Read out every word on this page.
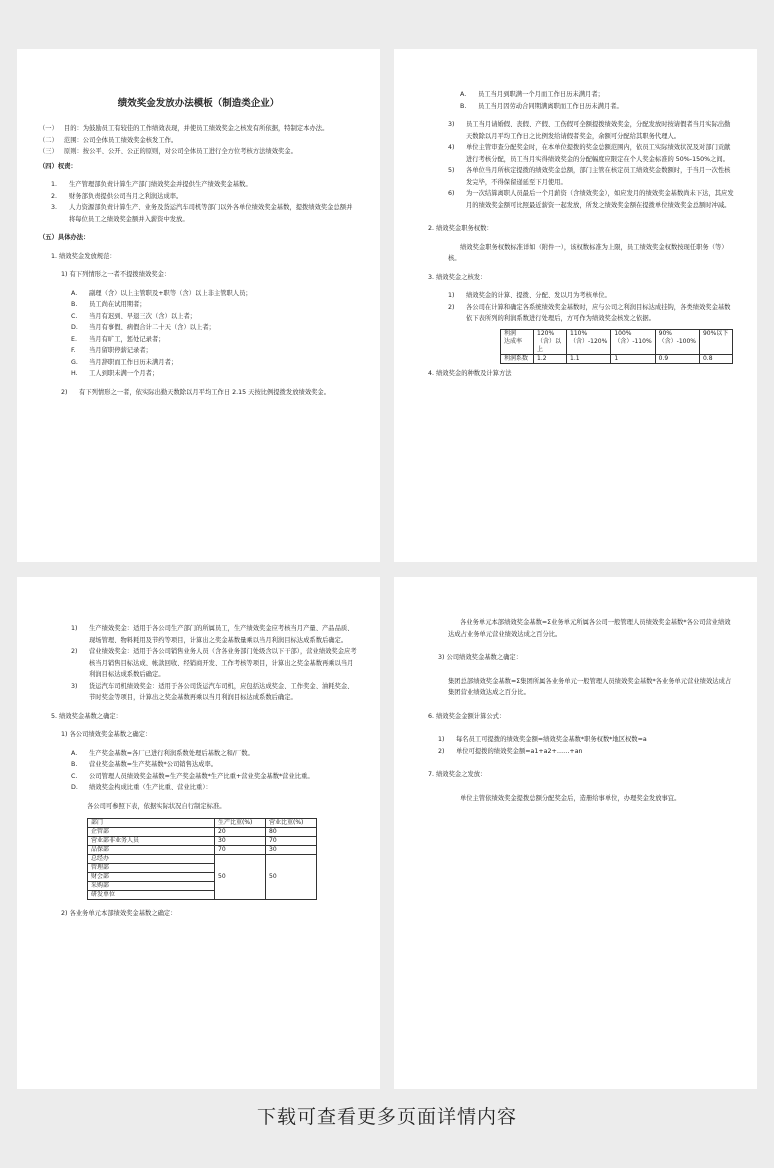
绩效奖金发放办法模板（制造类企业）
（一） 目的：为鼓励员工有较佳的工作绩效表现，并使员工绩效奖金之核发有所依据，特制定本办法。
（二） 范围：公司全体员工绩效奖金核发工作。
（三） 原则：按公平、公开、公正的原则，对公司全体员工进行全方位考核方法绩效奖金。
（四）权责：
1.	生产管理部负责计算生产部门绩效奖金并提供生产绩效奖金基数。
2.	财务部负责提供公司当月之利润达成率。
3.	人力资源部负责计算生产、业务及货运汽车司机等部门以外各单位绩效奖金基数，提拨绩效奖金总额并将每位员工之绩效奖金额并入薪资中发放。
（五）具体办法：
1. 绩效奖金发放规范：
1) 有下列情形之一者不提拨绩效奖金：
A.	副理（含）以上主管职及+职等（含）以上非主管职人员；
B.	员工尚在试用期者；
C.	当月有迟到、早退三次（含）以上者；
D.	当月有事假、病假合计二十天（含）以上者；
E.	当月有旷工，惩处记录者；
F.	当月留职停薪记录者；
G.	当月辞职而工作日历未满月者；
H.	工人到职未满一个月者；
2)	有下列情形之一者，依实际出勤天数除以月平均工作日 2.15 天按比例提拨发放绩效奖金。
A.	员工当月到职满一个月而工作日历未满月者；
B.	员工当月因劳动合同期满离职而工作日历未满月者。
3)	员工当月请婚假、丧假、产假、工伤假可全额提拨绩效奖金，分配发放时按请假者当月实际出勤天数除以月平均工作日之比例发给请假者奖金，余额可分配给其职务代理人。
4)	单位主管审查分配奖金时，在本单位提拨的奖金总额范围内，依员工实际绩效状况及对部门贡献进行考核分配，员工当月实得绩效奖金的分配幅度应限定在个人奖金标准的 50%-150%之间。
5)	各单位当月所核定提拨的绩效奖金总额，部门主管在核定员工绩效奖金数额时，于当月一次性核发完毕，不得保留递延至下月使用。
6)	为一次结算离职人员最后一个月薪资（含绩效奖金），如应发月的绩效奖金基数尚未下达，其应发月的绩效奖金额可比照最近薪资一起发放，所发之绩效奖金额在提拨单位绩效奖金总额时冲减。
2. 绩效奖金职务权数：
绩效奖金职务权数标准详如（附件一），该权数标准为上限，员工绩效奖金权数按现任职务（等）核。
3. 绩效奖金之核发：
1)	绩效奖金的计算、提拨、分配、发以月为考核单位。
2)	各公司在计算和确定各系统绩效奖金基数时，应与公司之利润目标达成挂钩，各类绩效奖金基数依下表所列的利润系数进行处理后，方可作为绩效奖金核发之依据。
利润
达成率	120%（含）以上	110%（含）-120%	100%（含）-110%	90%（含）-100%	90%以下
利润系数	1.2	1.1	1	0.9	0.8
4. 绩效奖金的种数及计算方法
1)	生产绩效奖金：适用于各公司生产部门的所属员工，生产绩效奖金应考核当月产量、产品品质、现场管理、物料耗用及节约等项目，计算出之奖金基数量乘以当月利润目标达成系数后确定。
2)	营业绩效奖金：适用于各公司销售业务人员（含各业务部门处级含以下干部），营业绩效奖金应考核当月销售目标达成、帐款回收、经销商开发、工作考核等项目，计算出之奖金基数再乘以当月利润目标达成系数后确定。
3)	货运汽车司机绩效奖金：适用于各公司货运汽车司机，应包括达成奖金、工作奖金、油耗奖金、节时奖金等项目，计算出之奖金基数再乘以当月利润目标达成系数后确定。
5. 绩效奖金基数之确定：
1) 各公司绩效奖金基数之确定：
A.	生产奖金基数=各厂已进行利润系数处理后基数之和/厂数。
B.	营业奖金基数=生产奖基数*公司销售达成率。
C.	公司管理人员绩效奖金基数=生产奖金基数*生产比重+营业奖金基数*营业比重。
D.	绩效奖金构成比重（生产比重、营业比重）：
各公司可参照下表，依据实际状况自行制定标准。
部门	生产比重(%)	营业比重(%)
企管部	20	80
营业部非业务人员	30	70
品保部	70	30
总经办	50	50
管理部		
财会部		
采购部		
研发单位		
2) 各业务单元本部绩效奖金基数之确定：
各业务单元本部绩效奖金基数=Σ业务单元所属各公司一般管理人员绩效奖金基数*各公司营业绩效达成占业务单元营业绩效达成之百分比。
3) 公司绩效奖金基数之确定：
集团总部绩效奖金基数=Σ集团所属各业务单元一般管理人员绩效奖金基数*各业务单元营业绩效达成占集团营业绩效达成之百分比。
6. 绩效奖金金额计算公式：
1)	每名员工可提拨的绩效奖金额=绩效奖金基数*职务权数*地区权数=a
2)	单位可提拨的绩效奖金额=a1+a2+……+an
7. 绩效奖金之发放：
单位主管依绩效奖金提拨总额分配奖金后，造册给事单位，办理奖金发放事宜。
下载可查看更多页面详情内容
